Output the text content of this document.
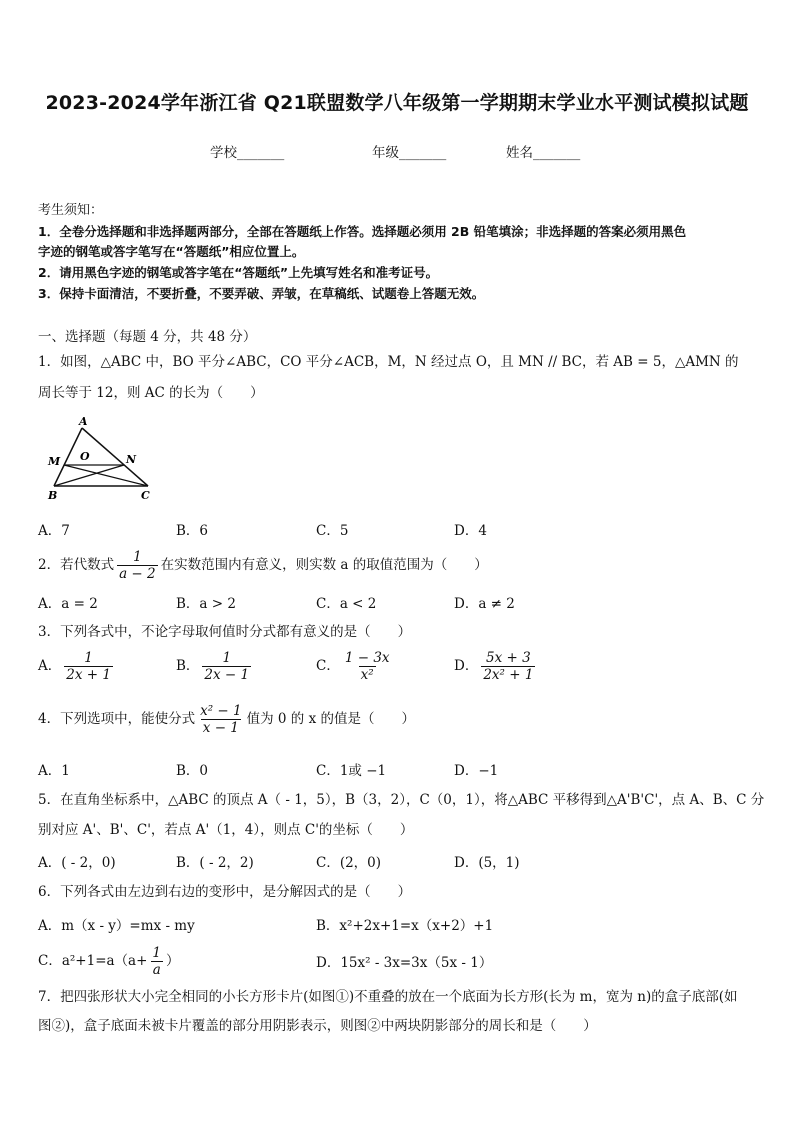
2023-2024学年浙江省 Q21联盟数学八年级第一学期期末学业水平测试模拟试题
学校_______	年级_______	姓名_______
考生须知：
1．全卷分选择题和非选择题两部分，全部在答题纸上作答。选择题必须用 2B 铅笔填涂；非选择题的答案必须用黑色
字迹的钢笔或答字笔写在“答题纸”相应位置上。
2．请用黑色字迹的钢笔或答字笔在“答题纸”上先填写姓名和准考证号。
3．保持卡面清洁，不要折叠，不要弄破、弄皱，在草稿纸、试题卷上答题无效。
一、选择题（每题 4 分，共 48 分）
1．如图，△ABC 中，BO 平分∠ABC，CO 平分∠ACB，M，N 经过点 O，且 MN // BC，若 AB = 5，△AMN 的
周长等于 12，则 AC 的长为（　　）
A
M O	N
B	C
A．7	B．6	C．5	D．4
2．若代数式 $\frac{1}{a - 2}$ 在实数范围内有意义，则实数 a 的取值范围为（　　）
A．a = 2	B．a > 2	C．a < 2	D．a ≠ 2
3．下列各式中，不论字母取何值时分式都有意义的是（　　）
A． $\frac{1}{2x + 1}$	B． $\frac{1}{2x - 1}$	C． $\frac{1 - 3x}{\text{x²}}$	D． $\frac{5x + 3}{\text{2x² + 1}}$
4．下列选项中，能使分式 $\frac{\text{x² − 1}}{x - 1}$ 值为 0 的 x 的值是（　　）
A．1	B．0	C．1或 −1	D．−1
5．在直角坐标系中，△ABC 的顶点 A（ - 1，5），B（3，2），C（0，1），将△ABC 平移得到△A'B'C'，点 A、B、C 分
别对应 A'、B'、C'，若点 A'（1，4），则点 C'的坐标（　　）
A．( - 2，0)	B．( - 2，2)	C．(2，0)	D．(5，1)
6．下列各式由左边到右边的变形中，是分解因式的是（　　）
A．m（x - y）=mx - my	B．x²+2x+1=x（x+2）+1
C．$a^2+1=a(a+ \frac{1}{a}$ ）	D．15x² - 3x=3x（5x - 1）
7．把四张形状大小完全相同的小长方形卡片(如图①)不重叠的放在一个底面为长方形(长为 m，宽为 n)的盒子底部(如
图②)，盒子底面未被卡片覆盖的部分用阴影表示，则图②中两块阴影部分的周长和是（　　）
